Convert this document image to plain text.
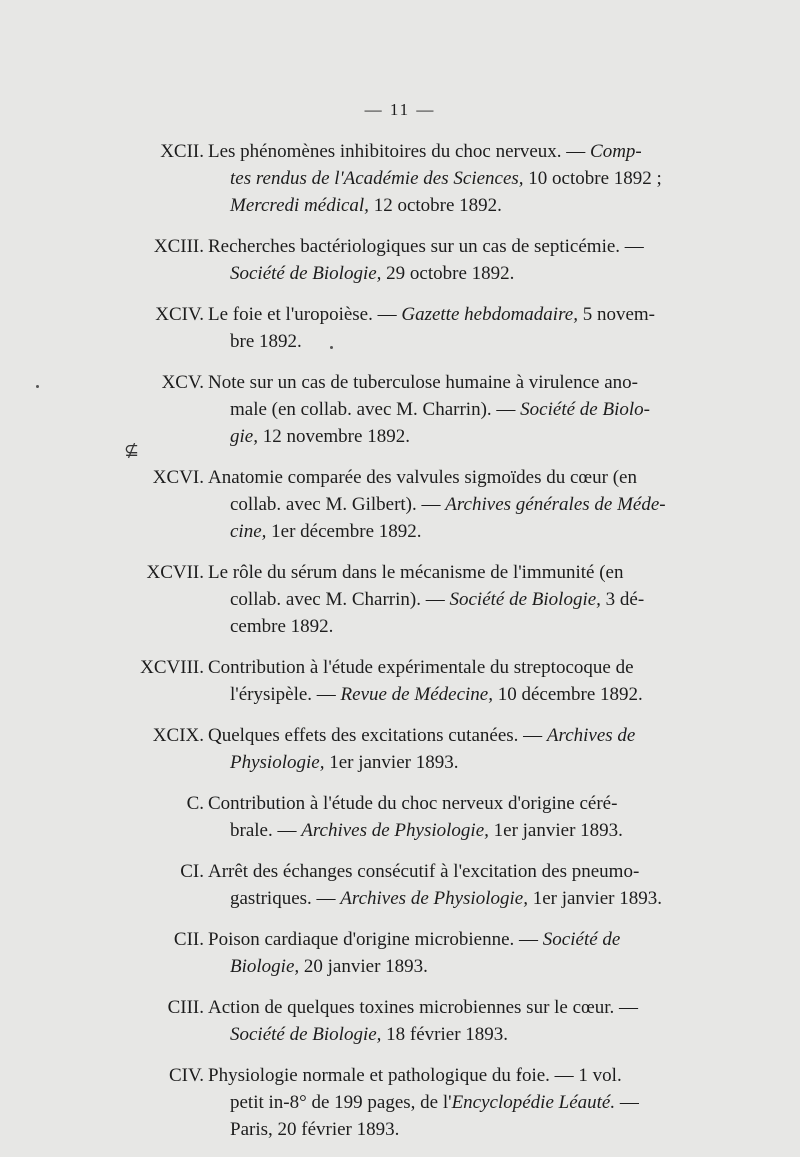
— 11 —
⊈
XCII. Les phénomènes inhibitoires du choc nerveux. — Comp-
tes rendus de l'Académie des Sciences, 10 octobre 1892 ;
Mercredi médical, 12 octobre 1892.
XCIII. Recherches bactériologiques sur un cas de septicémie. —
Société de Biologie, 29 octobre 1892.
XCIV. Le foie et l'uropoièse. — Gazette hebdomadaire, 5 novem-
bre 1892.
XCV. Note sur un cas de tuberculose humaine à virulence ano-
male (en collab. avec M. Charrin). — Société de Biolo-
gie, 12 novembre 1892.
XCVI. Anatomie comparée des valvules sigmoïdes du cœur (en
collab. avec M. Gilbert). — Archives générales de Méde-
cine, 1er décembre 1892.
XCVII. Le rôle du sérum dans le mécanisme de l'immunité (en
collab. avec M. Charrin). — Société de Biologie, 3 dé-
cembre 1892.
XCVIII. Contribution à l'étude expérimentale du streptocoque de
l'érysipèle. — Revue de Médecine, 10 décembre 1892.
XCIX. Quelques effets des excitations cutanées. — Archives de
Physiologie, 1er janvier 1893.
C. Contribution à l'étude du choc nerveux d'origine céré-
brale. — Archives de Physiologie, 1er janvier 1893.
CI. Arrêt des échanges consécutif à l'excitation des pneumo-
gastriques. — Archives de Physiologie, 1er janvier 1893.
CII. Poison cardiaque d'origine microbienne. — Société de
Biologie, 20 janvier 1893.
CIII. Action de quelques toxines microbiennes sur le cœur. —
Société de Biologie, 18 février 1893.
CIV. Physiologie normale et pathologique du foie. — 1 vol.
petit in-8° de 199 pages, de l'Encyclopédie Léauté. —
Paris, 20 février 1893.
